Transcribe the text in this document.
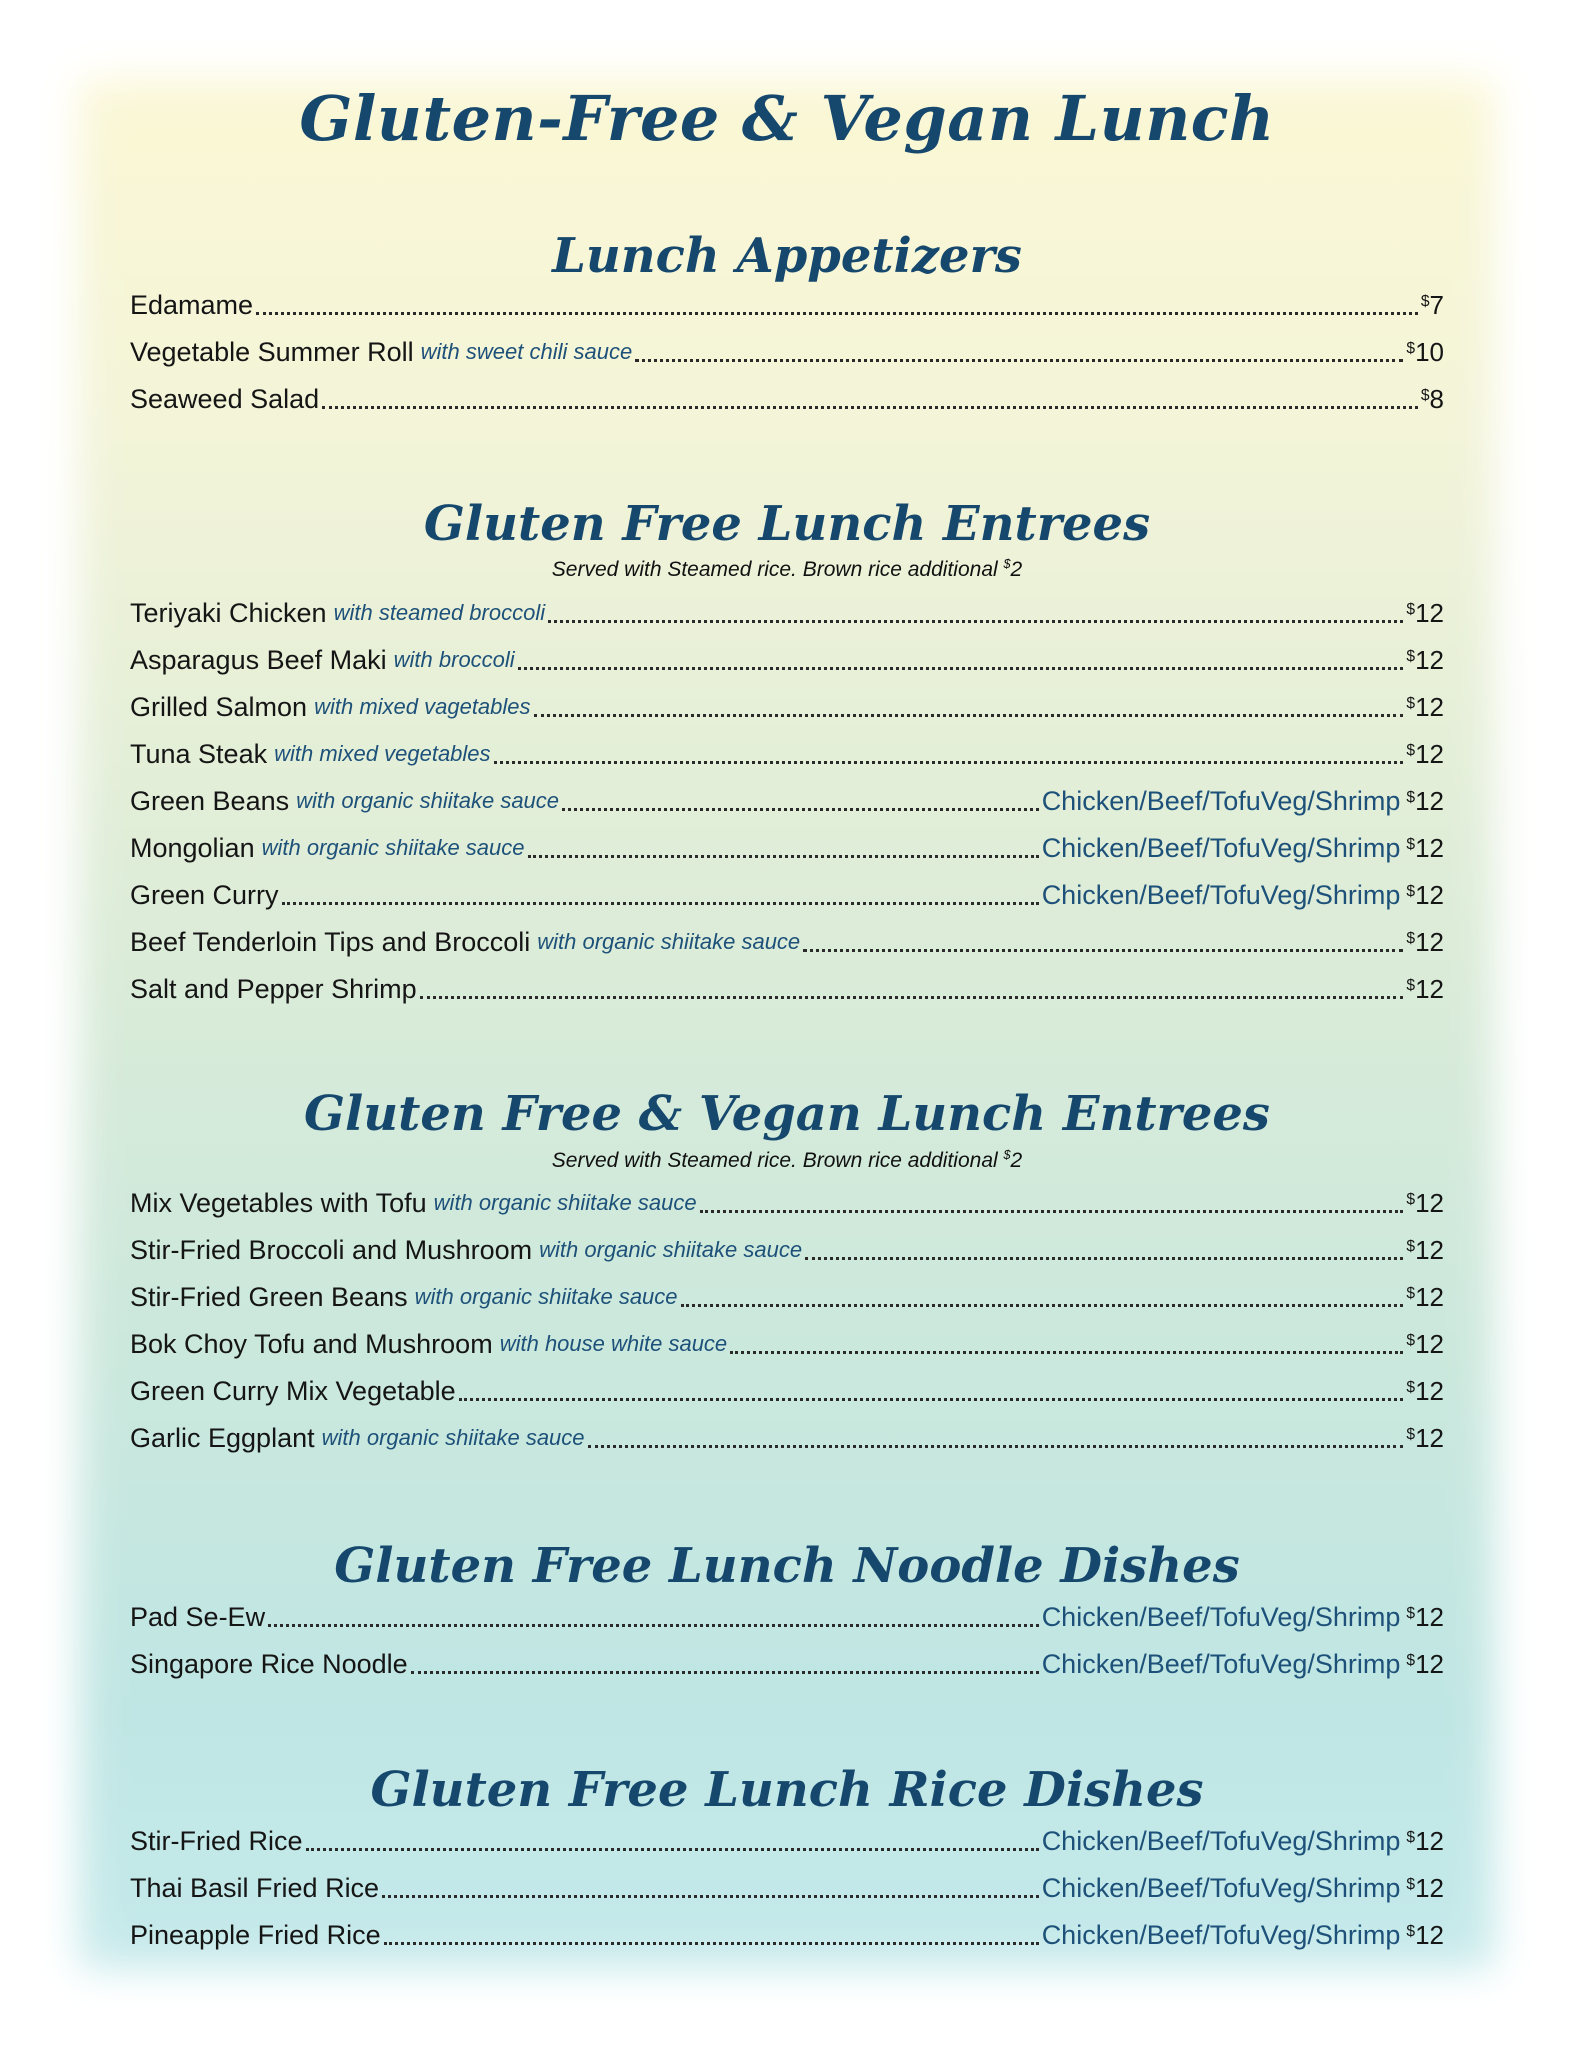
Gluten-Free & Vegan Lunch
Lunch Appetizers
Edamame	$7
Vegetable Summer Roll with sweet chili sauce	$10
Seaweed Salad	$8
Gluten Free Lunch Entrees
Served with Steamed rice. Brown rice additional $2
Teriyaki Chicken with steamed broccoli	$12
Asparagus Beef Maki with broccoli	$12
Grilled Salmon with mixed vagetables	$12
Tuna Steak with mixed vegetables	$12
Green Beans with organic shiitake sauce	Chicken/Beef/TofuVeg/Shrimp $12
Mongolian with organic shiitake sauce	Chicken/Beef/TofuVeg/Shrimp $12
Green Curry	Chicken/Beef/TofuVeg/Shrimp $12
Beef Tenderloin Tips and Broccoli with organic shiitake sauce	$12
Salt and Pepper Shrimp	$12
Gluten Free & Vegan Lunch Entrees
Served with Steamed rice. Brown rice additional $2
Mix Vegetables with Tofu with organic shiitake sauce	$12
Stir-Fried Broccoli and Mushroom with organic shiitake sauce	$12
Stir-Fried Green Beans with organic shiitake sauce	$12
Bok Choy Tofu and Mushroom with house white sauce	$12
Green Curry Mix Vegetable	$12
Garlic Eggplant with organic shiitake sauce	$12
Gluten Free Lunch Noodle Dishes
Pad Se-Ew	Chicken/Beef/TofuVeg/Shrimp $12
Singapore Rice Noodle	Chicken/Beef/TofuVeg/Shrimp $12
Gluten Free Lunch Rice Dishes
Stir-Fried Rice	Chicken/Beef/TofuVeg/Shrimp $12
Thai Basil Fried Rice	Chicken/Beef/TofuVeg/Shrimp $12
Pineapple Fried Rice	Chicken/Beef/TofuVeg/Shrimp $12
